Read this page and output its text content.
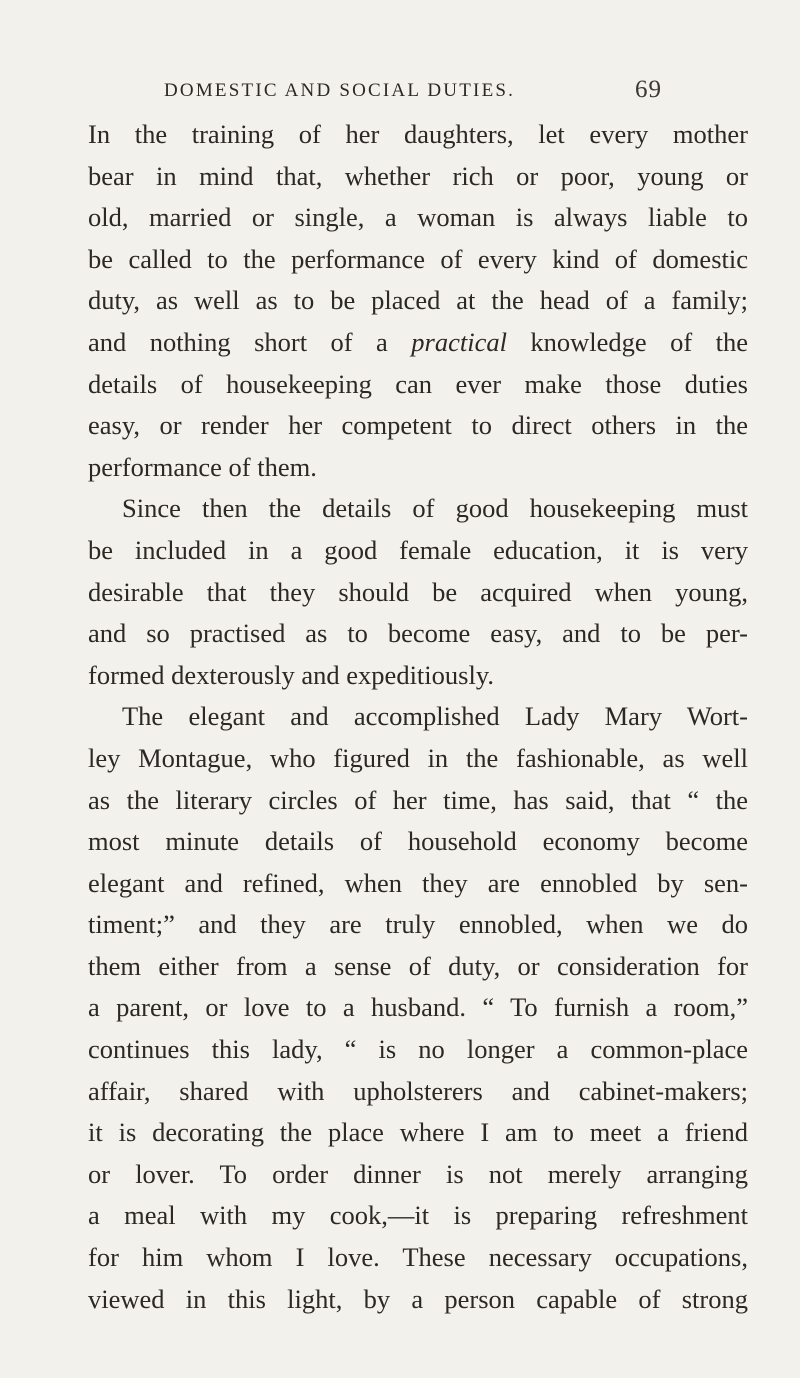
DOMESTIC AND SOCIAL DUTIES.	69
In the training of her daughters, let every mother
bear in mind that, whether rich or poor, young or
old, married or single, a woman is always liable to
be called to the performance of every kind of domestic
duty, as well as to be placed at the head of a family;
and nothing short of a practical knowledge of the
details of housekeeping can ever make those duties
easy, or render her competent to direct others in the
performance of them.
Since then the details of good housekeeping must
be included in a good female education, it is very
desirable that they should be acquired when young,
and so practised as to become easy, and to be per-
formed dexterously and expeditiously.
The elegant and accomplished Lady Mary Wort-
ley Montague, who figured in the fashionable, as well
as the literary circles of her time, has said, that “ the
most minute details of household economy become
elegant and refined, when they are ennobled by sen-
timent;” and they are truly ennobled, when we do
them either from a sense of duty, or consideration for
a parent, or love to a husband. “ To furnish a room,”
continues this lady, “ is no longer a common-place
affair, shared with upholsterers and cabinet-makers;
it is decorating the place where I am to meet a friend
or lover. To order dinner is not merely arranging
a meal with my cook,—it is preparing refreshment
for him whom I love. These necessary occupations,
viewed in this light, by a person capable of strong
